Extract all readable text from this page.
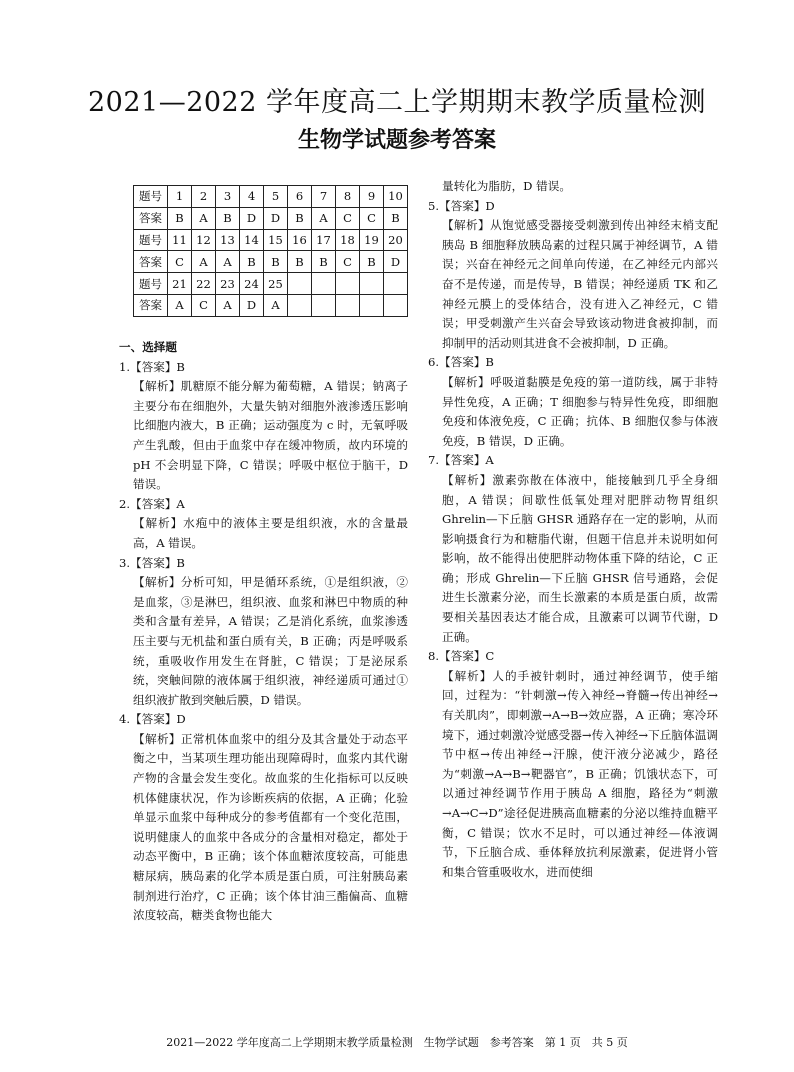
2021—2022 学年度高二上学期期末教学质量检测
生物学试题参考答案
题号	1	2	3	4	5	6	7	8	9	10
答案	B	A	B	D	D	B	A	C	C	B
题号	11	12	13	14	15	16	17	18	19	20
答案	C	A	A	B	B	B	B	C	B	D
题号	21	22	23	24	25					
答案	A	C	A	D	A					

一、选择题

1.【答案】B

【解析】肌糖原不能分解为葡萄糖，A 错误；钠离子主要分布在细胞外，大量失钠对细胞外液渗透压影响比细胞内液大，B 正确；运动强度为 c 时，无氧呼吸产生乳酸，但由于血浆中存在缓冲物质，故内环境的 pH 不会明显下降，C 错误；呼吸中枢位于脑干，D 错误。

2.【答案】A

【解析】水疱中的液体主要是组织液，水的含量最高，A 错误。

3.【答案】B

【解析】分析可知，甲是循环系统，①是组织液，②是血浆，③是淋巴，组织液、血浆和淋巴中物质的种类和含量有差异，A 错误；乙是消化系统，血浆渗透压主要与无机盐和蛋白质有关，B 正确；丙是呼吸系统，重吸收作用发生在肾脏，C 错误；丁是泌尿系统，突触间隙的液体属于组织液，神经递质可通过①组织液扩散到突触后膜，D 错误。

4.【答案】D

【解析】正常机体血浆中的组分及其含量处于动态平衡之中，当某项生理功能出现障碍时，血浆内其代谢产物的含量会发生变化。故血浆的生化指标可以反映机体健康状况，作为诊断疾病的依据，A 正确；化验单显示血浆中每种成分的参考值都有一个变化范围，说明健康人的血浆中各成分的含量相对稳定，都处于动态平衡中，B 正确；该个体血糖浓度较高，可能患糖尿病，胰岛素的化学本质是蛋白质，可注射胰岛素制剂进行治疗，C 正确；该个体甘油三酯偏高、血糖浓度较高，糖类食物也能大

量转化为脂肪，D 错误。

5.【答案】D

【解析】从饱觉感受器接受刺激到传出神经末梢支配胰岛 B 细胞释放胰岛素的过程只属于神经调节，A 错误；兴奋在神经元之间单向传递，在乙神经元内部兴奋不是传递，而是传导，B 错误；神经递质 TK 和乙神经元膜上的受体结合，没有进入乙神经元，C 错误；甲受刺激产生兴奋会导致该动物进食被抑制，而抑制甲的活动则其进食不会被抑制，D 正确。

6.【答案】B

【解析】呼吸道黏膜是免疫的第一道防线，属于非特异性免疫，A 正确；T 细胞参与特异性免疫，即细胞免疫和体液免疫，C 正确；抗体、B 细胞仅参与体液免疫，B 错误，D 正确。

7.【答案】A

【解析】激素弥散在体液中，能接触到几乎全身细胞，A 错误；间歇性低氧处理对肥胖动物胃组织 Ghrelin—下丘脑 GHSR 通路存在一定的影响，从而影响摄食行为和糖脂代谢，但题干信息并未说明如何影响，故不能得出使肥胖动物体重下降的结论，C 正确；形成 Ghrelin—下丘脑 GHSR 信号通路，会促进生长激素分泌，而生长激素的本质是蛋白质，故需要相关基因表达才能合成，且激素可以调节代谢，D 正确。

8.【答案】C

【解析】人的手被针刺时，通过神经调节，使手缩回，过程为：“针刺激→传入神经→脊髓→传出神经→有关肌肉”，即刺激→A→B→效应器，A 正确；寒冷环境下，通过刺激冷觉感受器→传入神经→下丘脑体温调节中枢→传出神经→汗腺，使汗液分泌减少，路径为“刺激→A→B→靶器官”，B 正确；饥饿状态下，可以通过神经调节作用于胰岛 A 细胞，路径为“刺激→A→C→D”途径促进胰高血糖素的分泌以维持血糖平衡，C 错误；饮水不足时，可以通过神经—体液调节，下丘脑合成、垂体释放抗利尿激素，促进肾小管和集合管重吸收水，进而使细

2021—2022 学年度高二上学期期末教学质量检测　生物学试题　参考答案　第 1 页　共 5 页
